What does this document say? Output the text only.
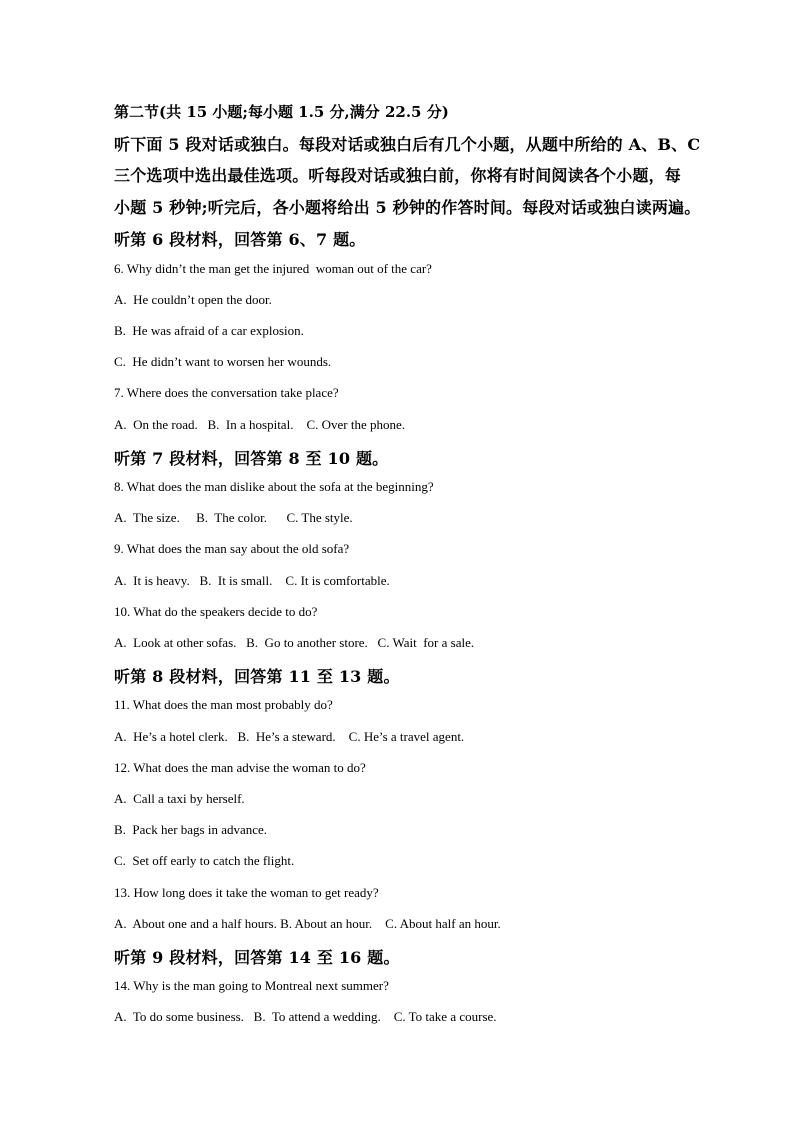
第二节(共 15 小题;每小题 1.5 分,满分 22.5 分)
听下面 5 段对话或独白。每段对话或独白后有几个小题，从题中所给的 A、B、C
三个选项中选出最佳选项。听每段对话或独白前，你将有时间阅读各个小题，每
小题 5 秒钟;听完后，各小题将给出 5 秒钟的作答时间。每段对话或独白读两遍。
听第 6 段材料，回答第 6、7 题。
6. Why didn’t the man get the injured  woman out of the car?
A.  He couldn’t open the door.
B.  He was afraid of a car explosion.
C.  He didn’t want to worsen her wounds.
7. Where does the conversation take place?
A.  On the road.   B.  In a hospital.    C. Over the phone.
听第 7 段材料，回答第 8 至 10 题。
8. What does the man dislike about the sofa at the beginning?
A.  The size.     B.  The color.      C. The style.
9. What does the man say about the old sofa?
A.  It is heavy.   B.  It is small.    C. It is comfortable.
10. What do the speakers decide to do?
A.  Look at other sofas.   B.  Go to another store.   C. Wait  for a sale.
听第 8 段材料，回答第 11 至 13 题。
11. What does the man most probably do?
A.  He’s a hotel clerk.   B.  He’s a steward.    C. He’s a travel agent.
12. What does the man advise the woman to do?
A.  Call a taxi by herself.
B.  Pack her bags in advance.
C.  Set off early to catch the flight.
13. How long does it take the woman to get ready?
A.  About one and a half hours. B. About an hour.    C. About half an hour.
听第 9 段材料，回答第 14 至 16 题。
14. Why is the man going to Montreal next summer?
A.  To do some business.   B.  To attend a wedding.    C. To take a course.
